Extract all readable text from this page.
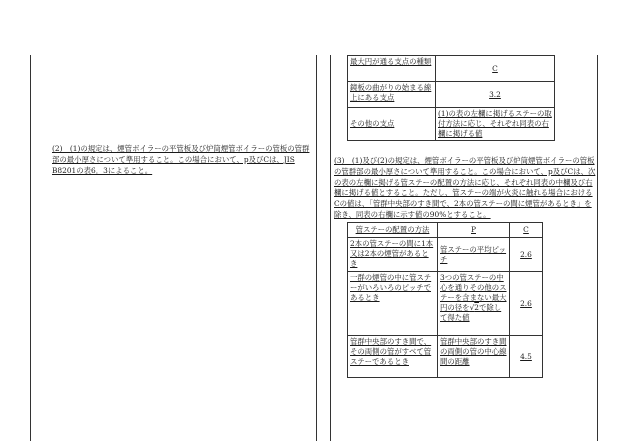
(2)　(1)の規定は、煙管ボイラーの平管板及び炉筒煙管ボイラーの管板の管群部の最小厚さについて準用すること。この場合において、p及びCは、JIS B8201の表6．3によること。
最大円が通る支点の種類	C
鏡板の曲がりの始まる線上にある支点	3.2
その他の支点	(1)の表の左欄に掲げるステーの取付方法に応じ、それぞれ同表の右欄に掲げる値
(3)　(1)及び(2)の規定は、煙管ボイラーの平管板及び炉筒煙管ボイラーの管板の管群部の最小厚さについて準用すること。この場合において、p及びCは、次の表の左欄に掲げる管ステーの配置の方法に応じ、それぞれ同表の中欄及び右欄に掲げる値とすること。ただし、管ステーの端が火炎に触れる場合におけるCの値は、「管群中央部のすき間で、2本の管ステーの間に煙管があるとき」を除き、同表の右欄に示す値の90%とすること。
管ステーの配置の方法	P	C
2本の管ステーの間に1本又は2本の煙管があるとき	管ステーの平均ピッチ	2.6
一群の煙管の中に管ステーがいろいろのピッチであるとき	3つの管ステーの中心を通りその他のステーを含まない最大円の径を√2で除して得た値	2.6
管群中央部のすき間で、その両側の管がすべて管ステーであるとき	管群中央部のすき間の両側の管の中心線間の距離	4.5
